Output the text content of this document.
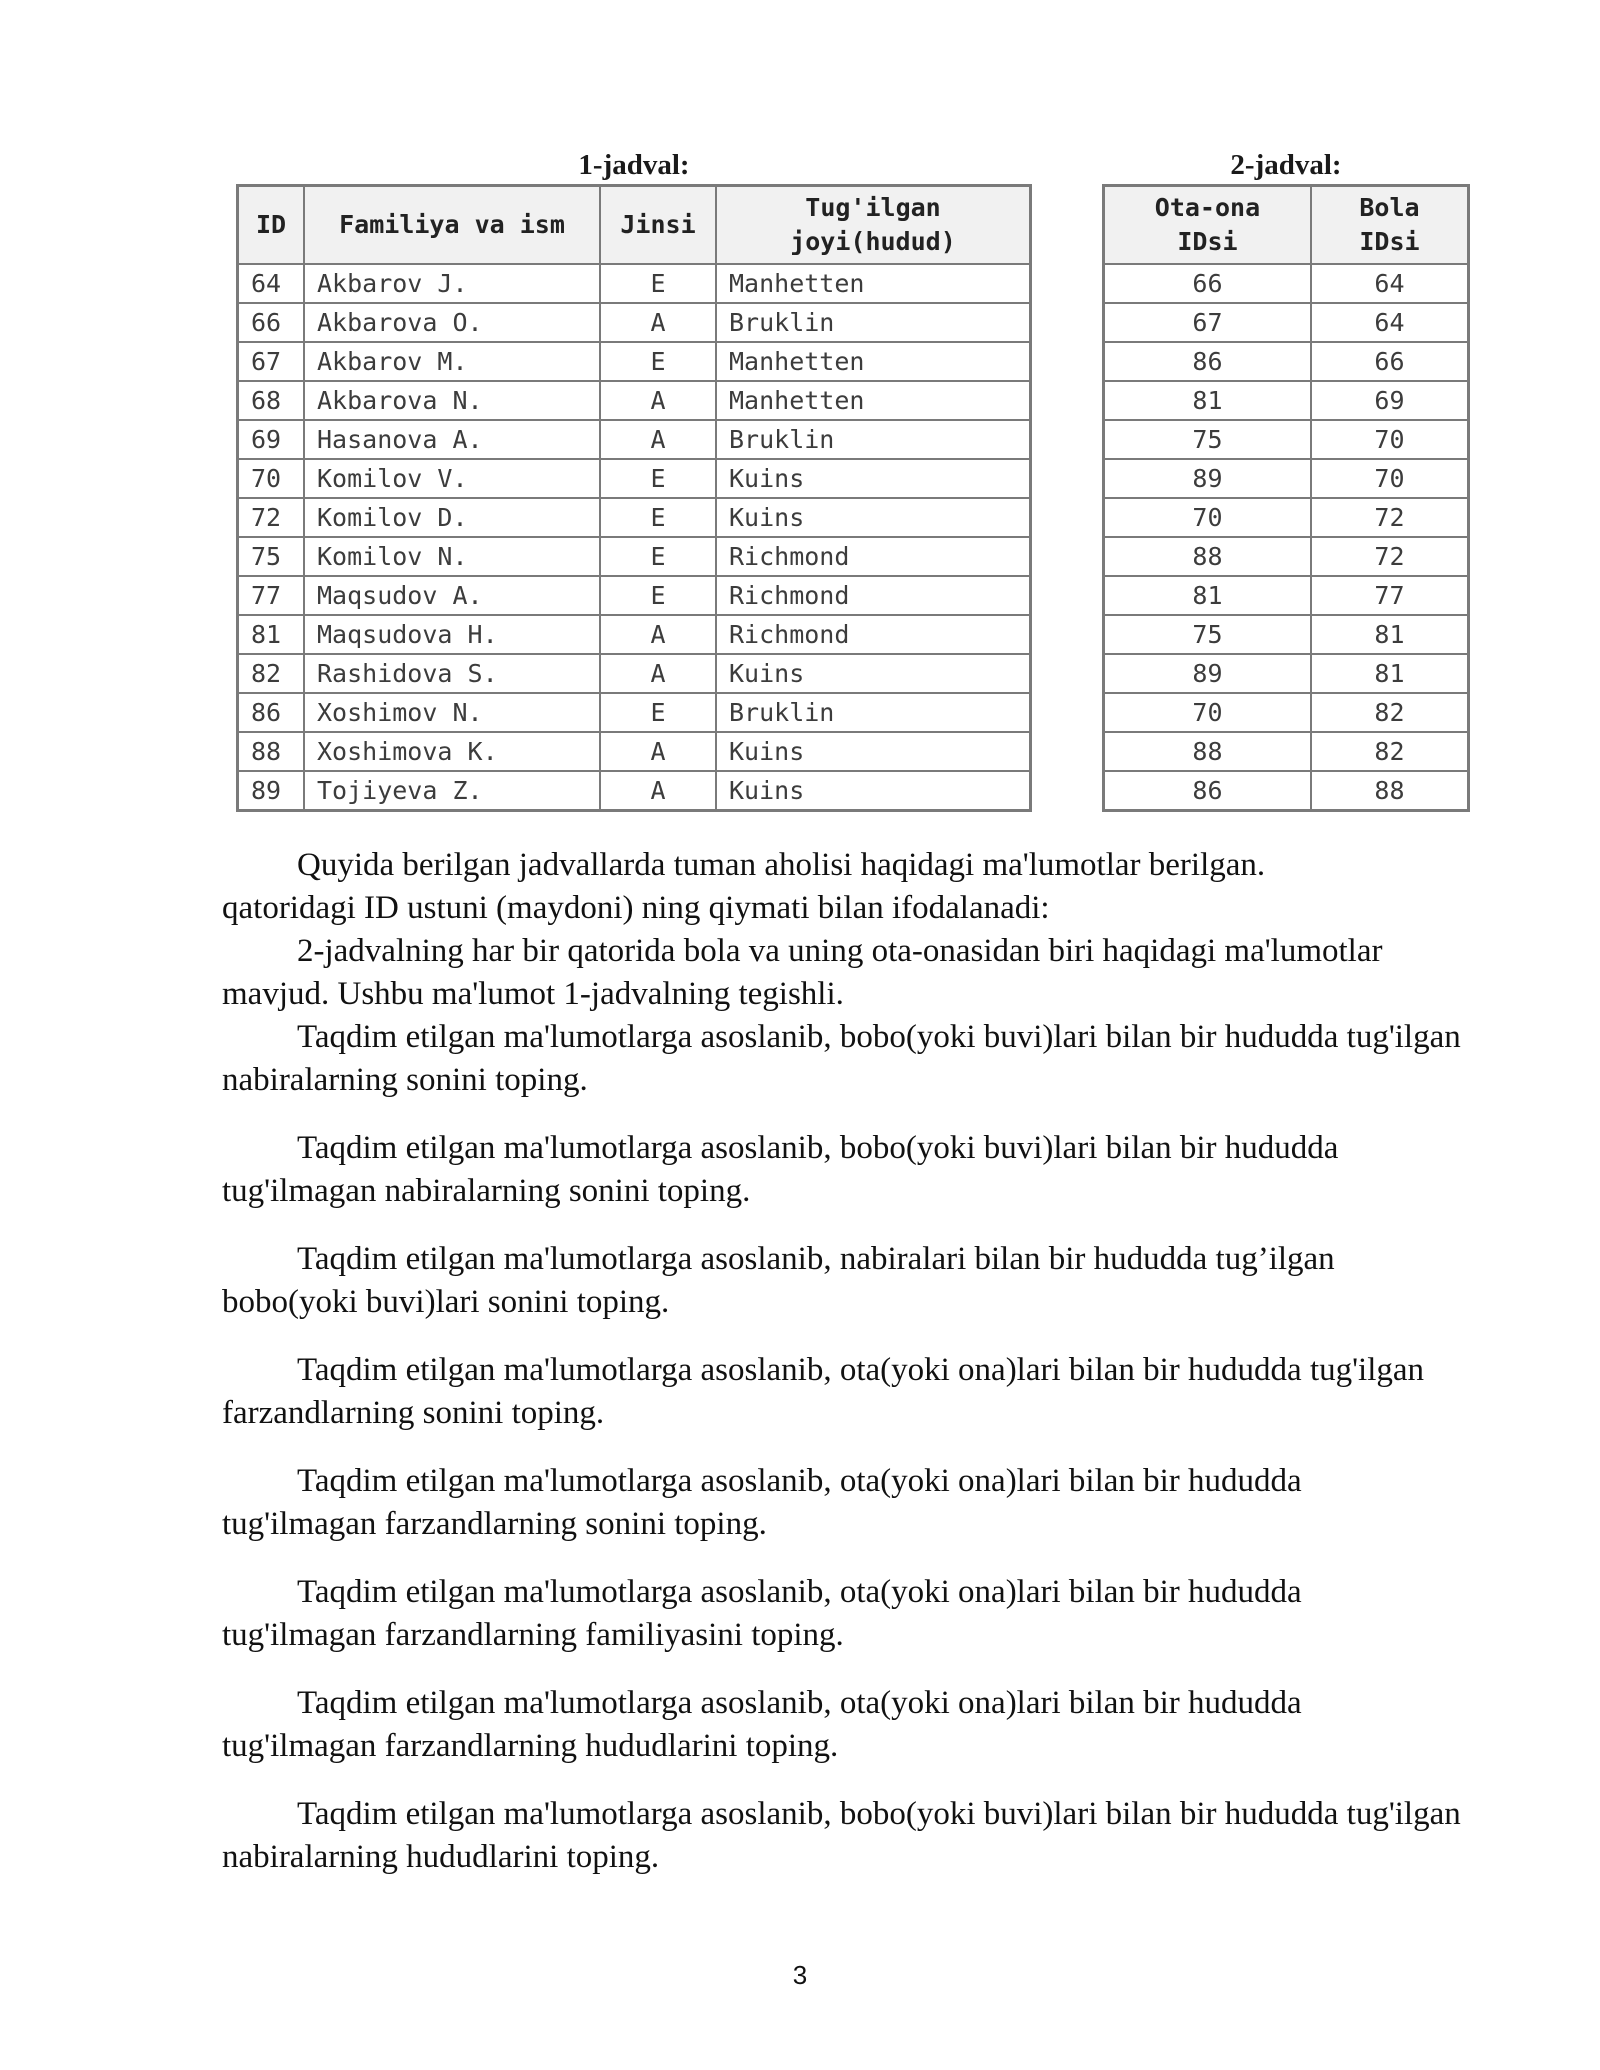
1-jadval:
ID	Familiya va ism	Jinsi	Tug'ilgan joyi(hudud)
64	Akbarov J.	E	Manhetten
66	Akbarova O.	A	Bruklin
67	Akbarov M.	E	Manhetten
68	Akbarova N.	A	Manhetten
69	Hasanova A.	A	Bruklin
70	Komilov V.	E	Kuins
72	Komilov D.	E	Kuins
75	Komilov N.	E	Richmond
77	Maqsudov A.	E	Richmond
81	Maqsudova H.	A	Richmond
82	Rashidova S.	A	Kuins
86	Xoshimov N.	E	Bruklin
88	Xoshimova K.	A	Kuins
89	Tojiyeva Z.	A	Kuins
2-jadval:
Ota-ona IDsi	Bola IDsi
66	64
67	64
86	66
81	69
75	70
89	70
70	72
88	72
81	77
75	81
89	81
70	82
88	82
86	88

Quyida berilgan jadvallarda tuman aholisi haqidagi ma'lumotlar berilgan.

qatoridagi ID ustuni (maydoni) ning qiymati bilan ifodalanadi:

2-jadvalning har bir qatorida bola va uning ota-onasidan biri haqidagi ma'lumotlar mavjud. Ushbu ma'lumot 1-jadvalning tegishli.

Taqdim etilgan ma'lumotlarga asoslanib, bobo(yoki buvi)lari bilan bir hududda tug'ilgan nabiralarning sonini toping.

Taqdim etilgan ma'lumotlarga asoslanib, bobo(yoki buvi)lari bilan bir hududda tug'ilmagan nabiralarning sonini toping.

Taqdim etilgan ma'lumotlarga asoslanib, nabiralari bilan bir hududda tug’ilgan bobo(yoki buvi)lari sonini toping.

Taqdim etilgan ma'lumotlarga asoslanib, ota(yoki ona)lari bilan bir hududda tug'ilgan farzandlarning sonini toping.

Taqdim etilgan ma'lumotlarga asoslanib, ota(yoki ona)lari bilan bir hududda tug'ilmagan farzandlarning sonini toping.

Taqdim etilgan ma'lumotlarga asoslanib, ota(yoki ona)lari bilan bir hududda tug'ilmagan farzandlarning familiyasini toping.

Taqdim etilgan ma'lumotlarga asoslanib, ota(yoki ona)lari bilan bir hududda tug'ilmagan farzandlarning hududlarini toping.

Taqdim etilgan ma'lumotlarga asoslanib, bobo(yoki buvi)lari bilan bir hududda tug'ilgan nabiralarning hududlarini toping.

3
